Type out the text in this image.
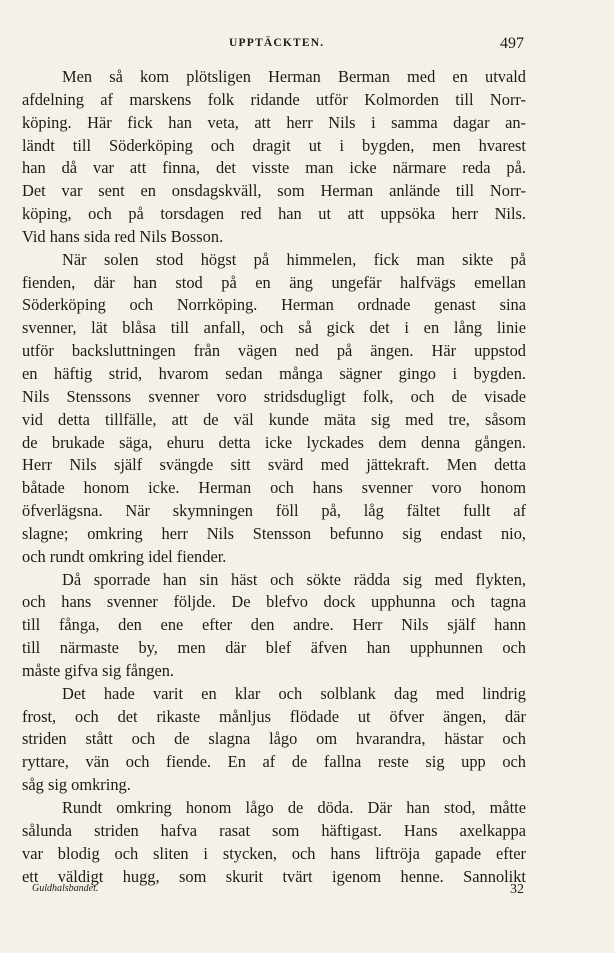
UPPTÄCKTEN.	497
Men så kom plötsligen Herman Berman med en utvald
afdelning af marskens folk ridande utför Kolmorden till Norr-
köping. Här fick han veta, att herr Nils i samma dagar an-
ländt till Söderköping och dragit ut i bygden, men hvarest
han då var att finna, det visste man icke närmare reda på.
Det var sent en onsdagskväll, som Herman anlände till Norr-
köping, och på torsdagen red han ut att uppsöka herr Nils.
Vid hans sida red Nils Bosson.
När solen stod högst på himmelen, fick man sikte på
fienden, där han stod på en äng ungefär halfvägs emellan
Söderköping och Norrköping. Herman ordnade genast sina
svenner, lät blåsa till anfall, och så gick det i en lång linie
utför backsluttningen från vägen ned på ängen. Här uppstod
en häftig strid, hvarom sedan många sägner gingo i bygden.
Nils Stenssons svenner voro stridsdugligt folk, och de visade
vid detta tillfälle, att de väl kunde mäta sig med tre, såsom
de brukade säga, ehuru detta icke lyckades dem denna gången.
Herr Nils själf svängde sitt svärd med jättekraft. Men detta
båtade honom icke. Herman och hans svenner voro honom
öfverlägsna. När skymningen föll på, låg fältet fullt af
slagne; omkring herr Nils Stensson befunno sig endast nio,
och rundt omkring idel fiender.
Då sporrade han sin häst och sökte rädda sig med flykten,
och hans svenner följde. De blefvo dock upphunna och tagna
till fånga, den ene efter den andre. Herr Nils själf hann
till närmaste by, men där blef äfven han upphunnen och
måste gifva sig fången.
Det hade varit en klar och solblank dag med lindrig
frost, och det rikaste månljus flödade ut öfver ängen, där
striden stått och de slagna lågo om hvarandra, hästar och
ryttare, vän och fiende. En af de fallna reste sig upp och
såg sig omkring.
Rundt omkring honom lågo de döda. Där han stod, måtte
sålunda striden hafva rasat som häftigast. Hans axelkappa
var blodig och sliten i stycken, och hans liftröja gapade efter
ett väldigt hugg, som skurit tvärt igenom henne. Sannolikt
Guldhalsbandet.	32
